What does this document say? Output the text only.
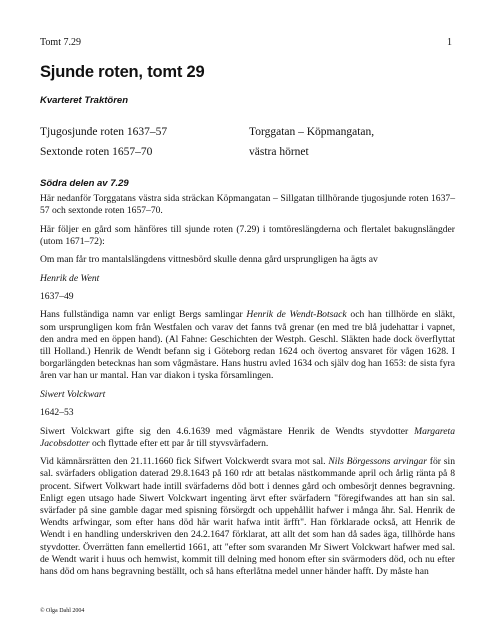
Tomt 7.29	1
Sjunde roten, tomt 29
Kvarteret Traktören
Tjugosjunde roten 1637–57	Torggatan – Köpmangatan,
Sextonde roten 1657–70	västra hörnet
Södra delen av 7.29

Här nedanför Torggatans västra sida sträckan Köpmangatan – Sillgatan tillhörande tjugosjunde roten 1637–57 och sextonde roten 1657–70.

Här följer en gård som hänföres till sjunde roten (7.29) i tomtöreslängderna och flertalet bakugnslängder (utom 1671–72):

Om man får tro mantalslängdens vittnesbörd skulle denna gård ursprungligen ha ägts av

Henrik de Went

1637–49

Hans fullständiga namn var enligt Bergs samlingar Henrik de Wendt-Botsack och han tillhörde en släkt, som ursprungligen kom från Westfalen och varav det fanns två grenar (en med tre blå judehattar i vapnet, den andra med en öppen hand). (Al Fahne: Geschichten der Westph. Geschl. Släkten hade dock överflyttat till Holland.) Henrik de Wendt befann sig i Göteborg redan 1624 och övertog ansvaret för vågen 1628. I borgarlängden betecknas han som vågmästare. Hans hustru avled 1634 och själv dog han 1653: de sista fyra åren var han ur mantal. Han var diakon i tyska församlingen.

Siwert Volckwart

1642–53

Siwert Volckwart gifte sig den 4.6.1639 med vågmästare Henrik de Wendts styvdotter Margareta Jacobsdotter och flyttade efter ett par år till styvsvärfadern.

Vid kämnärsrätten den 21.11.1660 fick Sifwert Volckwerdt svara mot sal. Nils Börgessons arvingar för sin sal. svärfaders obligation daterad 29.8.1643 på 160 rdr att betalas nästkommande april och årlig ränta på 8 procent. Sifwert Volkwart hade intill svärfaderns död bott i dennes gård och ombesörjt dennes begravning. Enligt egen utsago hade Siwert Volckwart ingenting ärvt efter svärfadern "föregifwandes att han sin sal. svärfader på sine gamble dagar med spisning försörgdt och uppehållit hafwer i många åhr. Sal. Henrik de Wendts arfwingar, som efter hans död här warit hafwa intit ärfft". Han förklarade också, att Henrik de Wendt i en handling underskriven den 24.2.1647 förklarat, att allt det som han då sades äga, tillhörde hans styvdotter. Överrätten fann emellertid 1661, att "efter som svaranden Mr Siwert Volckwart hafwer med sal. de Wendt warit i huus och hemwist, kommit till delning med honom efter sin svärmoders död, och nu efter hans död om hans begravning beställt, och så hans efterlåtna medel unner händer hafft. Dy måste han

© Olga Dahl 2004
